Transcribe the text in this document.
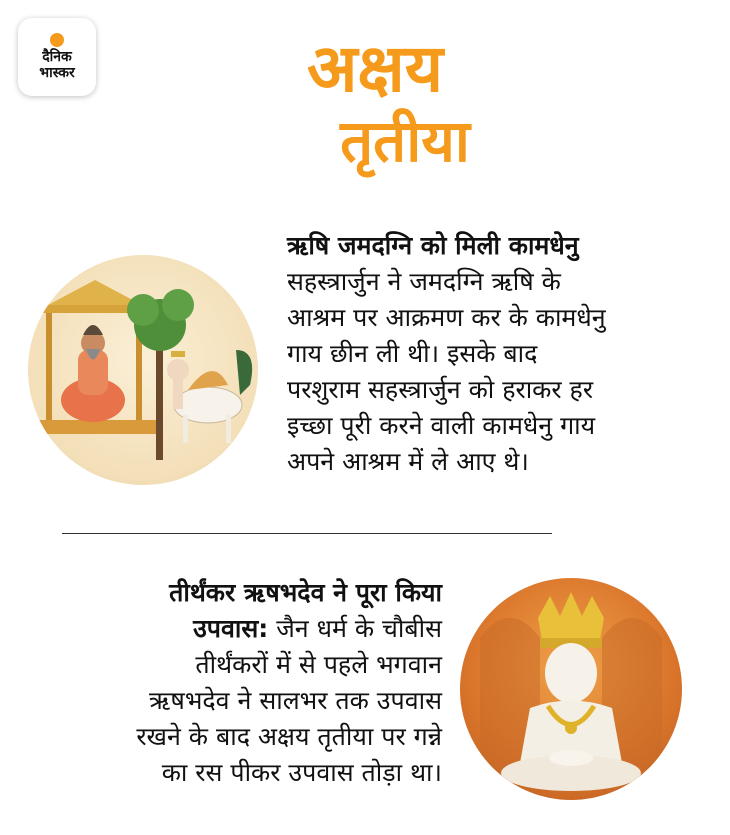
दैनिक
भास्कर	अक्षय
तृतीया
ऋषि जमदग्नि को मिली कामधेनु
सहस्त्रार्जुन ने जमदग्नि ऋषि के
आश्रम पर आक्रमण कर के कामधेनु
गाय छीन ली थी। इसके बाद
परशुराम सहस्त्रार्जुन को हराकर हर
इच्छा पूरी करने वाली कामधेनु गाय
अपने आश्रम में ले आए थे।
तीर्थंकर ऋषभदेव ने पूरा किया
उपवास: जैन धर्म के चौबीस
तीर्थंकरों में से पहले भगवान
ऋषभदेव ने सालभर तक उपवास
रखने के बाद अक्षय तृतीया पर गन्ने
का रस पीकर उपवास तोड़ा था।
